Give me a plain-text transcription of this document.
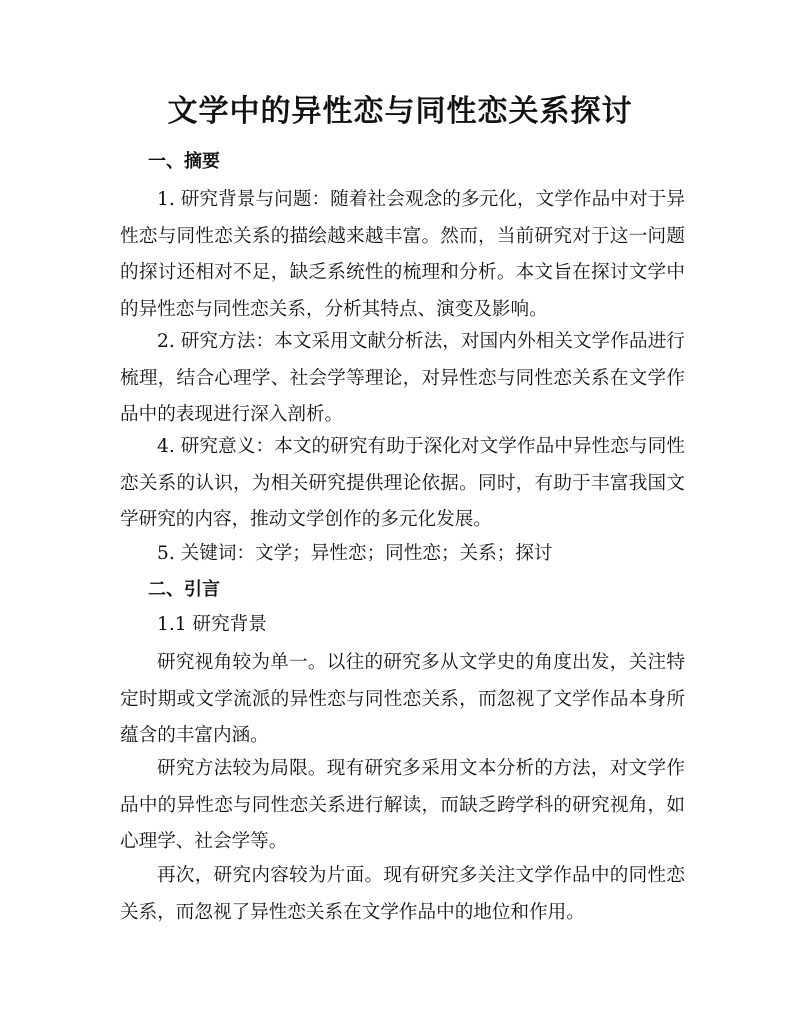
文学中的异性恋与同性恋关系探讨
一、摘要

1. 研究背景与问题：随着社会观念的多元化，文学作品中对于异性恋与同性恋关系的描绘越来越丰富。然而，当前研究对于这一问题的探讨还相对不足，缺乏系统性的梳理和分析。本文旨在探讨文学中的异性恋与同性恋关系，分析其特点、演变及影响。

2. 研究方法：本文采用文献分析法，对国内外相关文学作品进行梳理，结合心理学、社会学等理论，对异性恋与同性恋关系在文学作品中的表现进行深入剖析。

4. 研究意义：本文的研究有助于深化对文学作品中异性恋与同性恋关系的认识，为相关研究提供理论依据。同时，有助于丰富我国文学研究的内容，推动文学创作的多元化发展。

5. 关键词：文学；异性恋；同性恋；关系；探讨

二、引言

1.1 研究背景

研究视角较为单一。以往的研究多从文学史的角度出发，关注特定时期或文学流派的异性恋与同性恋关系，而忽视了文学作品本身所蕴含的丰富内涵。

研究方法较为局限。现有研究多采用文本分析的方法，对文学作品中的异性恋与同性恋关系进行解读，而缺乏跨学科的研究视角，如心理学、社会学等。

再次，研究内容较为片面。现有研究多关注文学作品中的同性恋关系，而忽视了异性恋关系在文学作品中的地位和作用。
